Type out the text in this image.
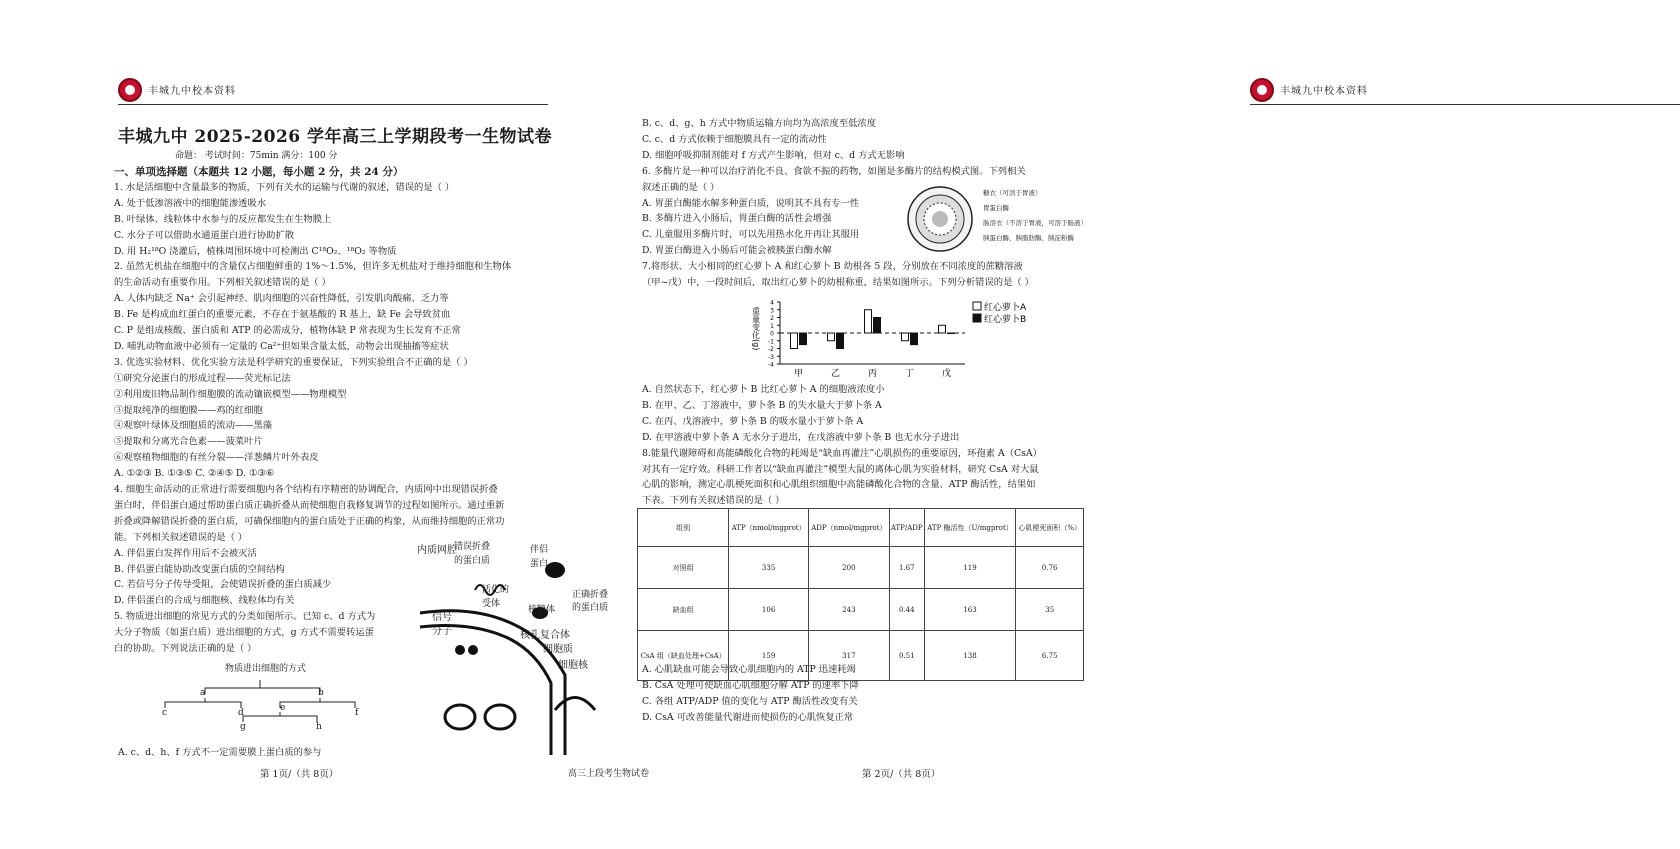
丰城九中校本资料
丰城九中 2025-2026 学年高三上学期段考一生物试卷
命题： 考试时间：75min 满分：100 分
一、单项选择题（本题共 12 小题，每小题 2 分，共 24 分）
1. 水是活细胞中含量最多的物质，下列有关水的运输与代谢的叙述，错误的是（ ）
A. 处于低渗溶液中的细胞能渗透吸水
B. 叶绿体、线粒体中水参与的反应都发生在生物膜上
C. 水分子可以借助水通道蛋白进行协助扩散
D. 用 H₂¹⁸O 浇灌后，植株周围环境中可检测出 C¹⁸O₂、¹⁸O₂ 等物质
2. 虽然无机盐在细胞中的含量仅占细胞鲜重的 1%～1.5%，但许多无机盐对于维持细胞和生物体
的生命活动有重要作用。下列相关叙述错误的是（ ）
A. 人体内缺乏 Na⁺ 会引起神经、肌肉细胞的兴奋性降低，引发肌肉酸痛、乏力等
B. Fe 是构成血红蛋白的重要元素，不存在于氨基酸的 R 基上，缺 Fe 会导致贫血
C. P 是组成核酸、蛋白质和 ATP 的必需成分，植物体缺 P 常表现为生长发育不正常
D. 哺乳动物血液中必须有一定量的 Ca²⁺但如果含量太低，动物会出现抽搐等症状
3. 优选实验材料、优化实验方法是科学研究的重要保证，下列实验组合不正确的是（ ）
①研究分泌蛋白的形成过程——荧光标记法
②利用废旧物品制作细胞膜的流动镶嵌模型——物理模型
③提取纯净的细胞膜——鸡的红细胞
④观察叶绿体及细胞质的流动——黑藻
⑤提取和分离光合色素——菠菜叶片
⑥观察植物细胞的有丝分裂——洋葱鳞片叶外表皮
A. ①②③ B. ①③⑤ C. ②④⑤ D. ①③⑥
4. 细胞生命活动的正常进行需要细胞内各个结构有序精密的协调配合，内质网中出现错误折叠
蛋白时，伴侣蛋白通过帮助蛋白质正确折叠从而使细胞自我修复调节的过程如图所示。通过重新
折叠或降解错误折叠的蛋白质，可确保细胞内的蛋白质处于正确的构象，从而维持细胞的正常功
能。下列相关叙述错误的是（ ）
A. 伴侣蛋白发挥作用后不会被灭活
B. 伴侣蛋白能协助改变蛋白质的空间结构
C. 若信号分子传导受阻，会使错误折叠的蛋白质减少
D. 伴侣蛋白的合成与细胞核、线粒体均有关
5. 物质进出细胞的常见方式的分类如图所示。已知 c、d 方式为
大分子物质（如蛋白质）进出细胞的方式，g 方式不需要转运蛋
白的协助。下列说法正确的是（ ）
内质网腔
错误折叠
的蛋白质
伴侣
蛋白
正确折叠
的蛋白质
活化的
受体
核糖体
信号
分子	核孔复合体
细胞质
细胞核
物质进出细胞的方式
a	b
c	d	e	f
g	h
A. c、d、h、f 方式不一定需要膜上蛋白质的参与
第 1页/（共 8页）	高三上段考生物试卷
丰城九中校本资料
B. c、d、g、h 方式中物质运输方向均为高浓度至低浓度
C. c、d 方式依赖于细胞膜具有一定的流动性
D. 细胞呼吸抑制剂能对 f 方式产生影响，但对 c、d 方式无影响
6. 多酶片是一种可以治疗消化不良、食欲不振的药物，如图是多酶片的结构模式图。下列相关
叙述正确的是（ ）
A. 胃蛋白酶能水解多种蛋白质，说明其不具有专一性
B. 多酶片进入小肠后，胃蛋白酶的活性会增强
C. 儿童服用多酶片时，可以先用热水化开再让其服用
D. 胃蛋白酶进入小肠后可能会被胰蛋白酶水解
7.将形状、大小相同的红心萝卜 A 和红心萝卜 B 幼根各 5 段，分别放在不同浓度的蔗糖溶液
（甲~戊）中，一段时间后，取出红心萝卜的幼根称重，结果如图所示。下列分析错误的是（ ）
A. 自然状态下，红心萝卜 B 比红心萝卜 A 的细胞液浓度小
B. 在甲、乙、丁溶液中，萝卜条 B 的失水量大于萝卜条 A
C. 在丙、戊溶液中，萝卜条 B 的吸水量小于萝卜条 A
D. 在甲溶液中萝卜条 A 无水分子进出，在戊溶液中萝卜条 B 也无水分子进出
8.能量代谢障碍和高能磷酸化合物的耗竭是“缺血再灌注”心肌损伤的重要原因，环孢素 A（CsA）
对其有一定疗效。科研工作者以“缺血再灌注”模型大鼠的离体心肌为实验材料，研究 CsA 对大鼠
心肌的影响，测定心肌梗死面积和心肌组织细胞中高能磷酸化合物的含量、ATP 酶活性，结果如
下表。下列有关叙述错误的是（ ）
A. 心肌缺血可能会导致心肌细胞内的 ATP 迅速耗竭
B. CsA 处理可使缺血心肌细胞分解 ATP 的速率下降
C. 各组 ATP/ADP 值的变化与 ATP 酶活性改变有关
D. CsA 可改善能量代谢进而使损伤的心肌恢复正常
糖衣（可溶于胃液）
胃蛋白酶
肠溶衣（不溶于胃液，可溶于肠液）
胰蛋白酶、胰脂肪酶、胰淀粉酶
4
3
2
1
0
-1
-2
-3
-4
重量变化(g)
甲	乙	丙	丁	戊
红心萝卜A
红心萝卜B
组别	ATP（nmol/mgprot）	ADP（nmol/mgprot）	ATP/ADP	ATP 酶活性（U/mgprot）	心肌梗死面积（%）
对照组	335	200	1.67	119	0.76
缺血组	106	243	0.44	163	35
CsA 组（缺血处理+CsA）	159	317	0.51	138	6.75
第 2页/（共 8页）
